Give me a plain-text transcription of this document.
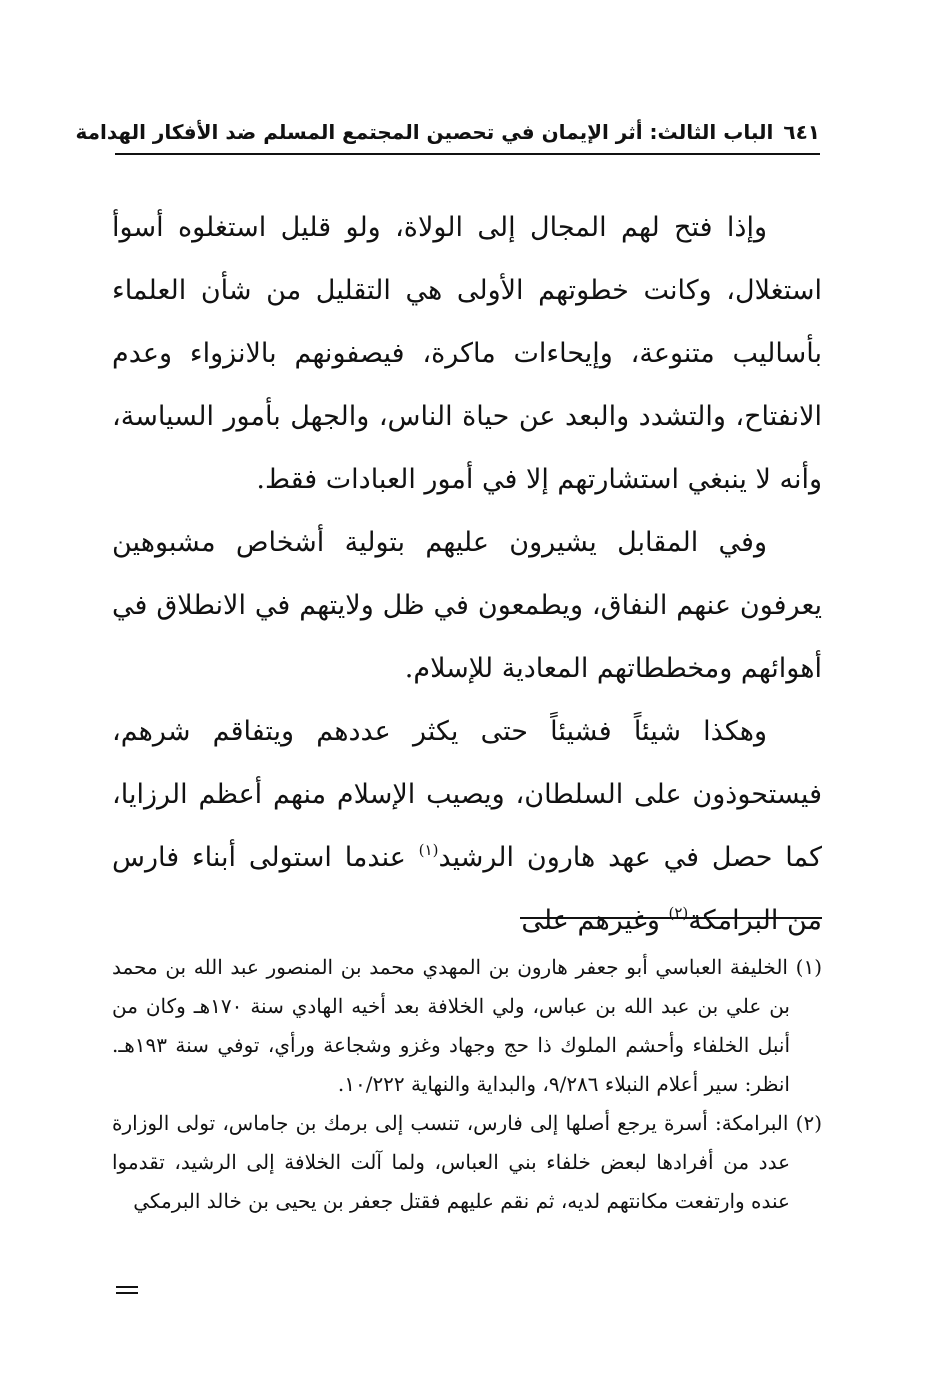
٦٤١
الباب الثالث: أثر الإيمان في تحصين المجتمع المسلم ضد الأفكار الهدامة

وإذا فتح لهم المجال إلى الولاة، ولو قليل استغلوه أسوأ استغلال، وكانت خطوتهم الأولى هي التقليل من شأن العلماء بأساليب متنوعة، وإيحاءات ماكرة، فيصفونهم بالانزواء وعدم الانفتاح، والتشدد والبعد عن حياة الناس، والجهل بأمور السياسة، وأنه لا ينبغي استشارتهم إلا في أمور العبادات فقط.

وفي المقابل يشيرون عليهم بتولية أشخاص مشبوهين يعرفون عنهم النفاق، ويطمعون في ظل ولايتهم في الانطلاق في أهوائهم ومخططاتهم المعادية للإسلام.

وهكذا شيئاً فشيئاً حتى يكثر عددهم ويتفاقم شرهم، فيستحوذون على السلطان، ويصيب الإسلام منهم أعظم الرزايا، كما حصل في عهد هارون الرشيد$^{(١)}$ عندما استولى أبناء فارس من البرامكة$^{(٢)}$ وغيرهم على

(١) الخليفة العباسي أبو جعفر هارون بن المهدي محمد بن المنصور عبد الله بن محمد بن علي بن عبد الله بن عباس، ولي الخلافة بعد أخيه الهادي سنة ١٧٠هـ وكان من أنبل الخلفاء وأحشم الملوك ذا حج وجهاد وغزو وشجاعة ورأي، توفي سنة ١٩٣هـ. انظر: سير أعلام النبلاء ٩/٢٨٦، والبداية والنهاية ١٠/٢٢٢.

(٢) البرامكة: أسرة يرجع أصلها إلى فارس، تنسب إلى برمك بن جاماس، تولى الوزارة عدد من أفرادها لبعض خلفاء بني العباس، ولما آلت الخلافة إلى الرشيد، تقدموا عنده وارتفعت مكانتهم لديه، ثم نقم عليهم فقتل جعفر بن يحيى بن خالد البرمكي
